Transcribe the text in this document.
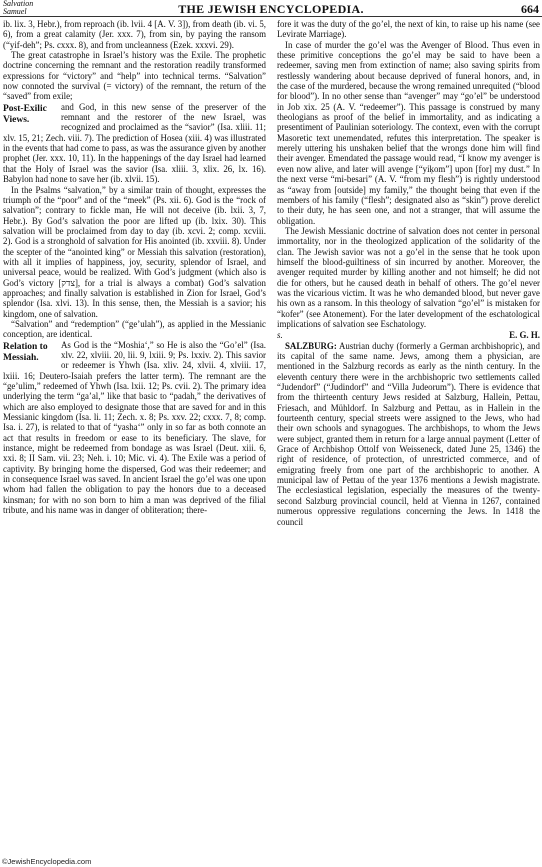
Salvation
Samuel	THE JEWISH ENCYCLOPEDIA.	664

ib. lix. 3, Hebr.), from reproach (ib. lvii. 4 [A. V. 3]), from death (ib. vi. 5, 6), from a great calamity (Jer. xxx. 7), from sin, by paying the ransom (“yif-deh”; Ps. cxxx. 8), and from uncleanness (Ezek. xxxvi. 29).

The great catastrophe in Israel’s history was the Exile. The prophetic doctrine concerning the remnant and the restoration readily transformed expressions for “victory” and “help” into technical terms. “Salvation” now connoted the survival (= victory) of the remnant, the return of the “saved” from exile;

Post-Exilic Views.

and God, in this new sense of the preserver of the remnant and the restorer of the new Israel, was recognized and proclaimed as the “savior” (Isa. xliii. 11; xlv. 15, 21; Zech. viii. 7). The prediction of Hosea (xiii. 4) was illustrated in the events that had come to pass, as was the assurance given by another prophet (Jer. xxx. 10, 11). In the happenings of the day Israel had learned that the Holy of Israel was the savior (Isa. xliii. 3, xlix. 26, lx. 16). Babylon had none to save her (ib. xlvii. 15).

In the Psalms “salvation,” by a similar train of thought, expresses the triumph of the “poor” and of the “meek” (Ps. xii. 6). God is the “rock of salvation”; contrary to fickle man, He will not deceive (ib. lxii. 3, 7, Hebr.). By God’s salvation the poor are lifted up (ib. lxix. 30). This salvation will be proclaimed from day to day (ib. xcvi. 2; comp. xcviii. 2). God is a stronghold of salvation for His anointed (ib. xxviii. 8). Under the scepter of the “anointed king” or Messiah this salvation (restoration), with all it implies of happiness, joy, security, splendor of Israel, and universal peace, would be realized. With God’s judgment (which also is God’s victory [צדק], for a trial is always a combat) God’s salvation approaches; and finally salvation is established in Zion for Israel, God’s splendor (Isa. xlvi. 13). In this sense, then, the Messiah is a savior; his kingdom, one of salvation.

“Salvation” and “redemption” (“ge’ulah”), as applied in the Messianic conception, are identical.

Relation to Messiah.

As God is the “Moshia‘,” so He is also the “Go’el” (Isa. xlv. 22, xlviii. 20, lii. 9, lxiii. 9; Ps. lxxiv. 2). This savior or redeemer is Yhwh (Isa. xliv. 24, xlvii. 4, xlviii. 17, lxiii. 16; Deutero-Isaiah prefers the latter term). The remnant are the “ge’ulim,” redeemed of Yhwh (Isa. lxii. 12; Ps. cvii. 2). The primary idea underlying the term “ga’al,” like that basic to “padah,” the derivatives of which are also employed to designate those that are saved for and in this Messianic kingdom (Isa. li. 11; Zech. x. 8; Ps. xxv. 22; cxxx. 7, 8; comp. Isa. i. 27), is related to that of “yasha‘” only in so far as both connote an act that results in freedom or ease to its beneficiary. The slave, for instance, might be redeemed from bondage as was Israel (Deut. xiii. 6, xxi. 8; II Sam. vii. 23; Neh. i. 10; Mic. vi. 4). The Exile was a period of captivity. By bringing home the dispersed, God was their redeemer; and in consequence Israel was saved. In ancient Israel the go’el was one upon whom had fallen the obligation to pay the honors due to a deceased kinsman; for with no son born to him a man was deprived of the filial tribute, and his name was in danger of obliteration; there-

fore it was the duty of the go’el, the next of kin, to raise up his name (see Levirate Marriage).

In case of murder the go’el was the Avenger of Blood. Thus even in these primitive conceptions the go’el may be said to have been a redeemer, saving men from extinction of name; also saving spirits from restlessly wandering about because deprived of funeral honors, and, in the case of the murdered, because the wrong remained unrequited (“blood for blood”). In no other sense than “avenger” may “go’el” be understood in Job xix. 25 (A. V. “redeemer”). This passage is construed by many theologians as proof of the belief in immortality, and as indicating a presentiment of Paulinian soteriology. The context, even with the corrupt Masoretic text unemendated, refutes this interpretation. The speaker is merely uttering his unshaken belief that the wrongs done him will find their avenger. Emendated the passage would read, “I know my avenger is even now alive, and later will avenge [“yiḳom”] upon [for] my dust.” In the next verse “mi-besari” (A. V. “from my flesh”) is rightly understood as “away from [outside] my family,” the thought being that even if the members of his family (“flesh”; designated also as “skin”) prove derelict to their duty, he has seen one, and not a stranger, that will assume the obligation.

The Jewish Messianic doctrine of salvation does not center in personal immortality, nor in the theologized application of the solidarity of the clan. The Jewish savior was not a go’el in the sense that he took upon himself the blood-guiltiness of sin incurred by another. Moreover, the avenger requited murder by killing another and not himself; he did not die for others, but he caused death in behalf of others. The go’el never was the vicarious victim. It was he who demanded blood, but never gave his own as a ransom. In this theology of salvation “go’el” is mistaken for “kofer” (see Atonement). For the later development of the eschatological implications of salvation see Eschatology.

s.	E. G. H.

SALZBURG: Austrian duchy (formerly a German archbishopric), and its capital of the same name. Jews, among them a physician, are mentioned in the Salzburg records as early as the ninth century. In the eleventh century there were in the archbishopric two settlements called “Judendorf” (“Judindorf” and “Villa Judeorum”). There is evidence that from the thirteenth century Jews resided at Salzburg, Hallein, Pettau, Friesach, and Mühldorf. In Salzburg and Pettau, as in Hallein in the fourteenth century, special streets were assigned to the Jews, who had their own schools and synagogues. The archbishops, to whom the Jews were subject, granted them in return for a large annual payment (Letter of Grace of Archbishop Ottolf von Weisseneck, dated June 25, 1346) the right of residence, of protection, of unrestricted commerce, and of emigrating freely from one part of the archbishopric to another. A municipal law of Pettau of the year 1376 mentions a Jewish magistrate. The ecclesiastical legislation, especially the measures of the twenty-second Salzburg provincial council, held at Vienna in 1267, contained numerous oppressive regulations concerning the Jews. In 1418 the council

©JewishEncyclopedia.com
